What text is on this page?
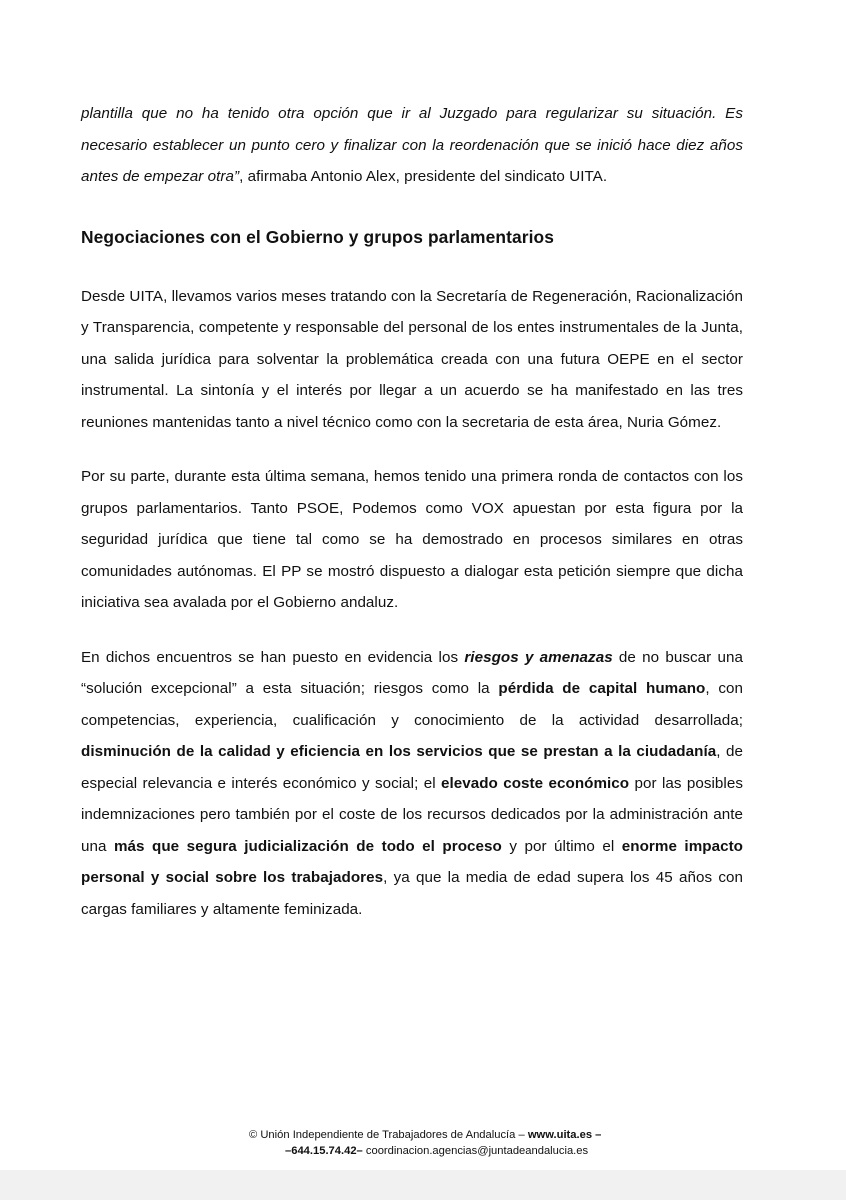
plantilla que no ha tenido otra opción que ir al Juzgado para regularizar su situación. Es necesario establecer un punto cero y finalizar con la reordenación que se inició hace diez años antes de empezar otra”, afirmaba Antonio Alex, presidente del sindicato UITA.

Negociaciones con el Gobierno y grupos parlamentarios

Desde UITA, llevamos varios meses tratando con la Secretaría de Regeneración, Racionalización y Transparencia, competente y responsable del personal de los entes instrumentales de la Junta, una salida jurídica para solventar la problemática creada con una futura OEPE en el sector instrumental. La sintonía y el interés por llegar a un acuerdo se ha manifestado en las tres reuniones mantenidas tanto a nivel técnico como con la secretaria de esta área, Nuria Gómez.

Por su parte, durante esta última semana, hemos tenido una primera ronda de contactos con los grupos parlamentarios. Tanto PSOE, Podemos como VOX apuestan por esta figura por la seguridad jurídica que tiene tal como se ha demostrado en procesos similares en otras comunidades autónomas. El PP se mostró dispuesto a dialogar esta petición siempre que dicha iniciativa sea avalada por el Gobierno andaluz.

En dichos encuentros se han puesto en evidencia los riesgos y amenazas de no buscar una “solución excepcional” a esta situación; riesgos como la pérdida de capital humano, con competencias, experiencia, cualificación y conocimiento de la actividad desarrollada; disminución de la calidad y eficiencia en los servicios que se prestan a la ciudadanía, de especial relevancia e interés económico y social; el elevado coste económico por las posibles indemnizaciones pero también por el coste de los recursos dedicados por la administración ante una más que segura judicialización de todo el proceso y por último el enorme impacto personal y social sobre los trabajadores, ya que la media de edad supera los 45 años con cargas familiares y altamente feminizada.

© Unión Independiente de Trabajadores de Andalucía – www.uita.es –
–644.15.74.42– coordinacion.agencias@juntadeandalucia.es
